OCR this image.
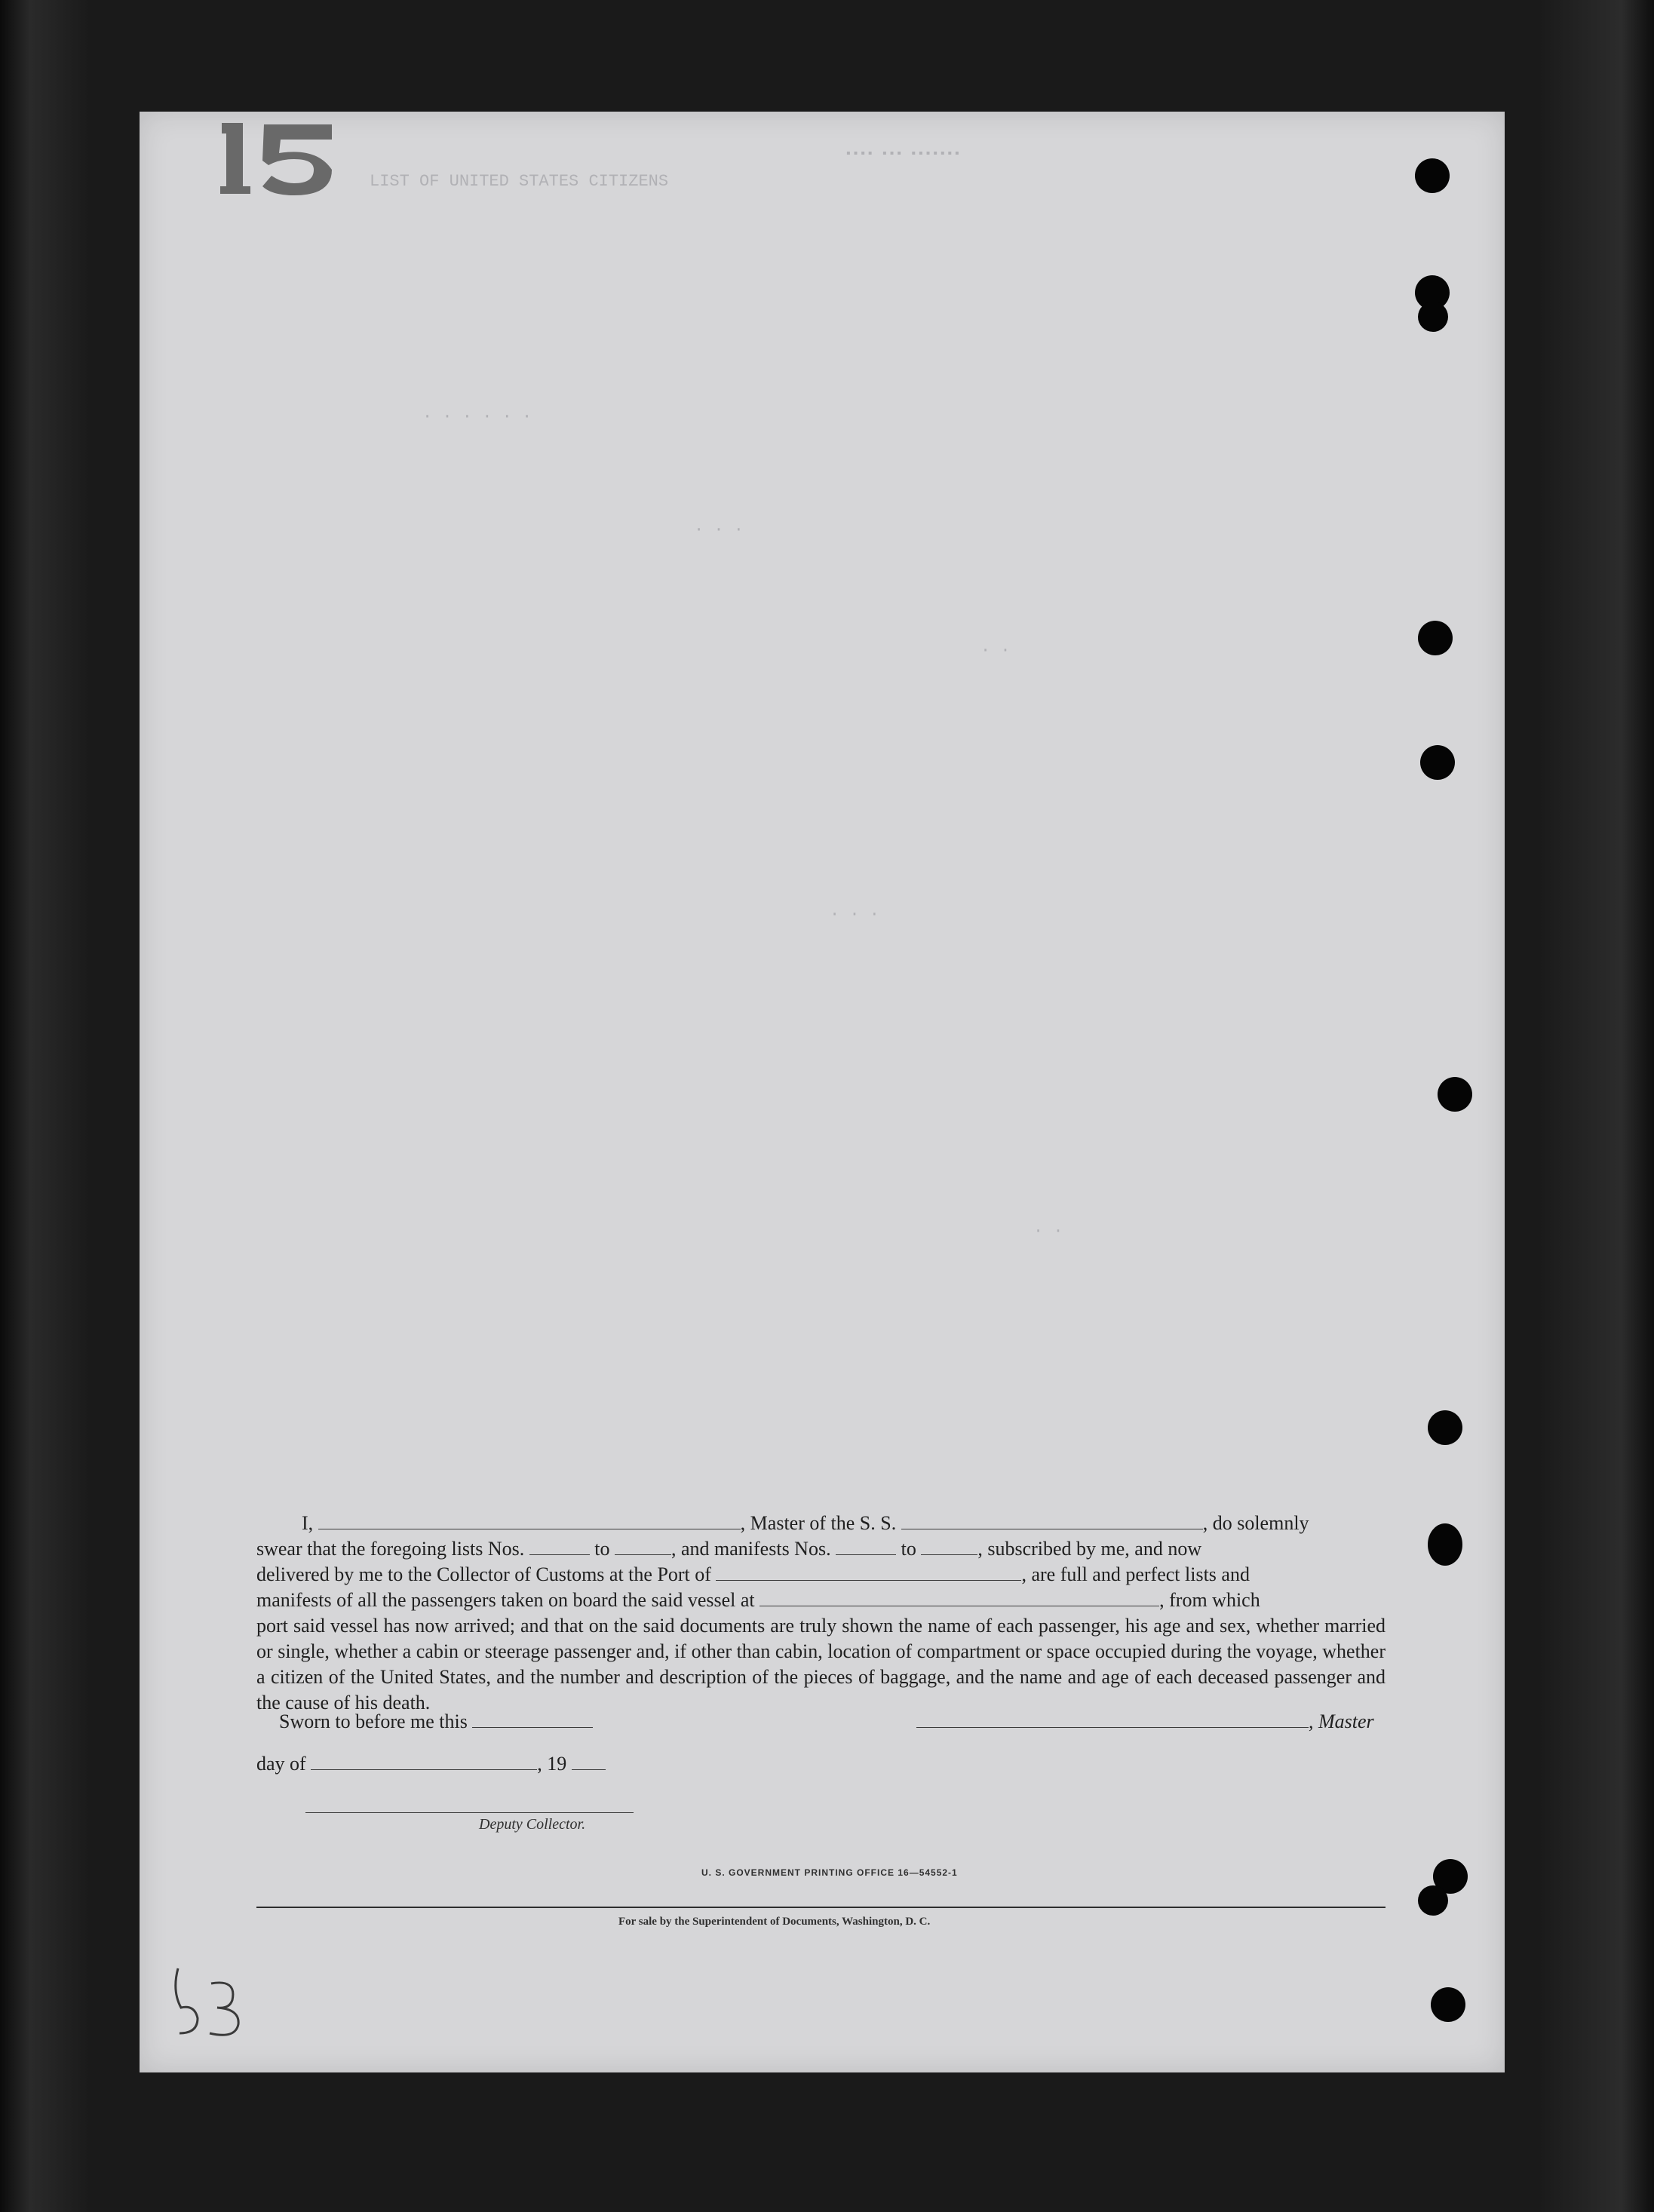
LIST OF UNITED STATES CITIZENS
▪▪▪▪ ▪▪▪ ▪▪▪▪▪▪▪
· · · · · ·
· · ·
· ·
· · ·
· ·

I,	, Master of the S. S.	, do solemnly

swear that the foregoing lists Nos.	to	, and manifests Nos.	to	, subscribed by me, and now

delivered by me to the Collector of Customs at the Port of	, are full and perfect lists and

manifests of all the passengers taken on board the said vessel at	, from which

port said vessel has now arrived; and that on the said documents are truly shown the name of each passenger, his age and sex, whether married or single, whether a cabin or steerage passenger and, if other than cabin, location of compartment or space occupied during the voyage, whether a citizen of the United States, and the number and description of the pieces of baggage, and the name and age of each deceased passenger and the cause of his death.

Sworn to before me this	, Master
day of	, 19
Deputy Collector.
U. S. GOVERNMENT PRINTING OFFICE 16—54552-1
For sale by the Superintendent of Documents, Washington, D. C.
